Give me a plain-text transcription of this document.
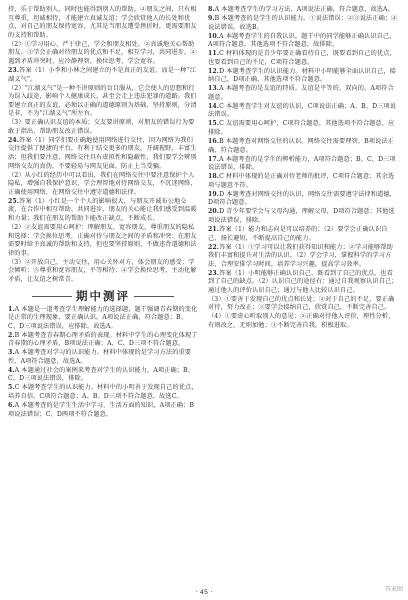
持，乐于帮助别人，同时也能得到别人的帮助。④朋友之间，只有相互尊重，坦诚相待，才能建立真诚友谊；学会欣赏他人的长处和优点，对自己的朋友保持宽容，尤其是当朋友遭受挫折时，更需要朋友的支持和帮助。

（2）①学习用心、严于律己，学会和朋友相处。②真诚地关心帮助朋友。③学会正确对待朋友的优点和不足，相互学习，共同进步。④遇到矛盾冲突时，应冷静理智，换位思考，学会宽容。

23.答案（1）小李和小林之间建立的不是真正的友谊，而是一种“江湖义气”。

（2）“江湖义气”是一种不讲原则的盲目服从，它会使人的思想和行为误入歧途，影响个人健康成长，甚至会走上违法犯罪的道路。我们要建立真正的友谊，必须以正确的道德原则为基础，坚持原则，分清是非，不为“江湖义气”所左右。

（3）要正确认识友谊的本质；交友要讲原则，对朋友的错误行为要敢于指出，帮助朋友改正错误。

24.答案（1）同学们要正确地使用网络进行交往，因为网络为我们交往提供了便捷的平台，有利于结交更多的朋友，开阔视野，丰富生活；但我们要注意，网络交往具有虚拟性和隐蔽性，我们要学会辨别网络交友的真伪，不要轻易与网友见面，防止上当受骗。

（2）从小红的经历中可以看出，我们在网络交往中要注意保护个人隐私，增强自我保护意识，学会理智地对待网络交友，不沉迷网络，正确使用网络，在网络交往中遵守道德和法律。

25.答案（1）小红是一个个人的影响很大，与朋友开诚布公地交流，在合作中相互帮助、共同进步，朋友的关心能让我们感受到温暖和力量；我们在朋友的帮助下能改正缺点，不断成长。

（2）②友谊需要用心呵护：理解朋友、宽容朋友，尊重朋友的隐私和选择；学会换位思考，正确对待与朋友之间的矛盾和冲突；在朋友需要时给予真诚的帮助和支持，但也要坚持原则，不做违背道德和法律的事。

（3）②开放自己，主动交往，用心关怀对方，体会朋友的感受；学会倾听；③尊重和宽容朋友，平等相待；④学会换位思考，主动化解矛盾，让友谊之树常青。

期中测评

1.A 本题是一道考查学生理解能力的选择题，题干强调青春期的变化是正常的生理现象，要正确认识。A项说法正确，符合题意；B、C、D三项说法错误，应排除。故选A。

2.B 本题考查青春期心理矛盾的表现。材料中学生的心理变化体现了青春期的心理矛盾，B项说法正确；A、C、D三项不符合题意。

3.A 本题考查对学习的认识能力。材料中体现的是学习方法的重要性，A项符合题意，故选A。

4.A 本题通过社会的案例来考查对学生的认识能力，A项正确；B、C、D三项说法错误，排除。

5.C 本题考查学生的认识能力。材料中的小明善于发现自己的优点，培养自信，C项符合题意；A、B、D三项不符合题意。故选C。

6.A 本题考查的是学生生活中学习、生活方面的知识，A项正确；B项说法错误；C、D两项不符合题意。

8.A 本题考查学生的学习方法，A项说法正确，符合题意，故选A。

9.B 本题考查的是学生的认识能力。①说法错误；②③说法正确；④说法错误。故选B。

10.A 本题考查学生的自我认识。题干中的同学能够正确认识自己，A项符合题意，其他选项不符合题意，故排除。

11.C 材料体现的是青少年要正确看待自己，既要看到自己的优点，也要看到自己的不足，C项符合题意。

12.D 本题考查学生的认识能力。材料中小明能够全面认识自己，接纳自己，D项正确，其他选项不符合题意。

13.A 本题考查的是友谊的特质。友谊是平等的、双向的，A项符合题意。

14.C 本题考查学生对友谊的认识，C项说法正确；A、B、D三项说法错误。

15.C 友谊需要用心呵护，C项符合题意，其他选项不符合题意，应排除。

16.B 本题考查对网络交往的认识。网络交往需要理智，B项说法正确，符合题意。

17.A 本题考查的是学生的辨析能力，A项符合题意；B、C、D三项说法错误，排除。

18.C 材料中体现的是正确对待老师的批评，C项符合题意；其余选项与题意不符。

19.D 本题考查对网络交往的认识，网络交往需要遵守法律和道德，D项符合题意。

20.D 青少年要学会与父母沟通，理解父母，D项符合题意；其他选项说法错误，排除。

21.答案（1）能力和志向是可以培养的；（2）要学会正确认识自己，扬长避短，不断提高自己的能力。

22.答案（1）①学习可以让我们获得知识和能力；②学习能够帮助我们丰富和提升对生活的认识。（2）学会学习，掌握科学的学习方法，合理安排学习时间，培养学习兴趣，提高学习效率。

23.答案（1）小明能够正确认识自己，既看到了自己的优点，也看到了自己的缺点。（2）认识自己的途径有：通过自我观察认识自己；通过他人的评价认识自己；通过与他人比较认识自己。

（3）①要善于发现自己的优点和长处；②对于自己的不足，要正确对待，努力改正；③要学会接纳自己，欣赏自己，不断完善自己。

（4）①要虚心听取别人的意见；②正确对待他人评价，理性分析，有则改之，无则加勉；③不断完善自我，积极进取。

· 45 ·	答案圈
